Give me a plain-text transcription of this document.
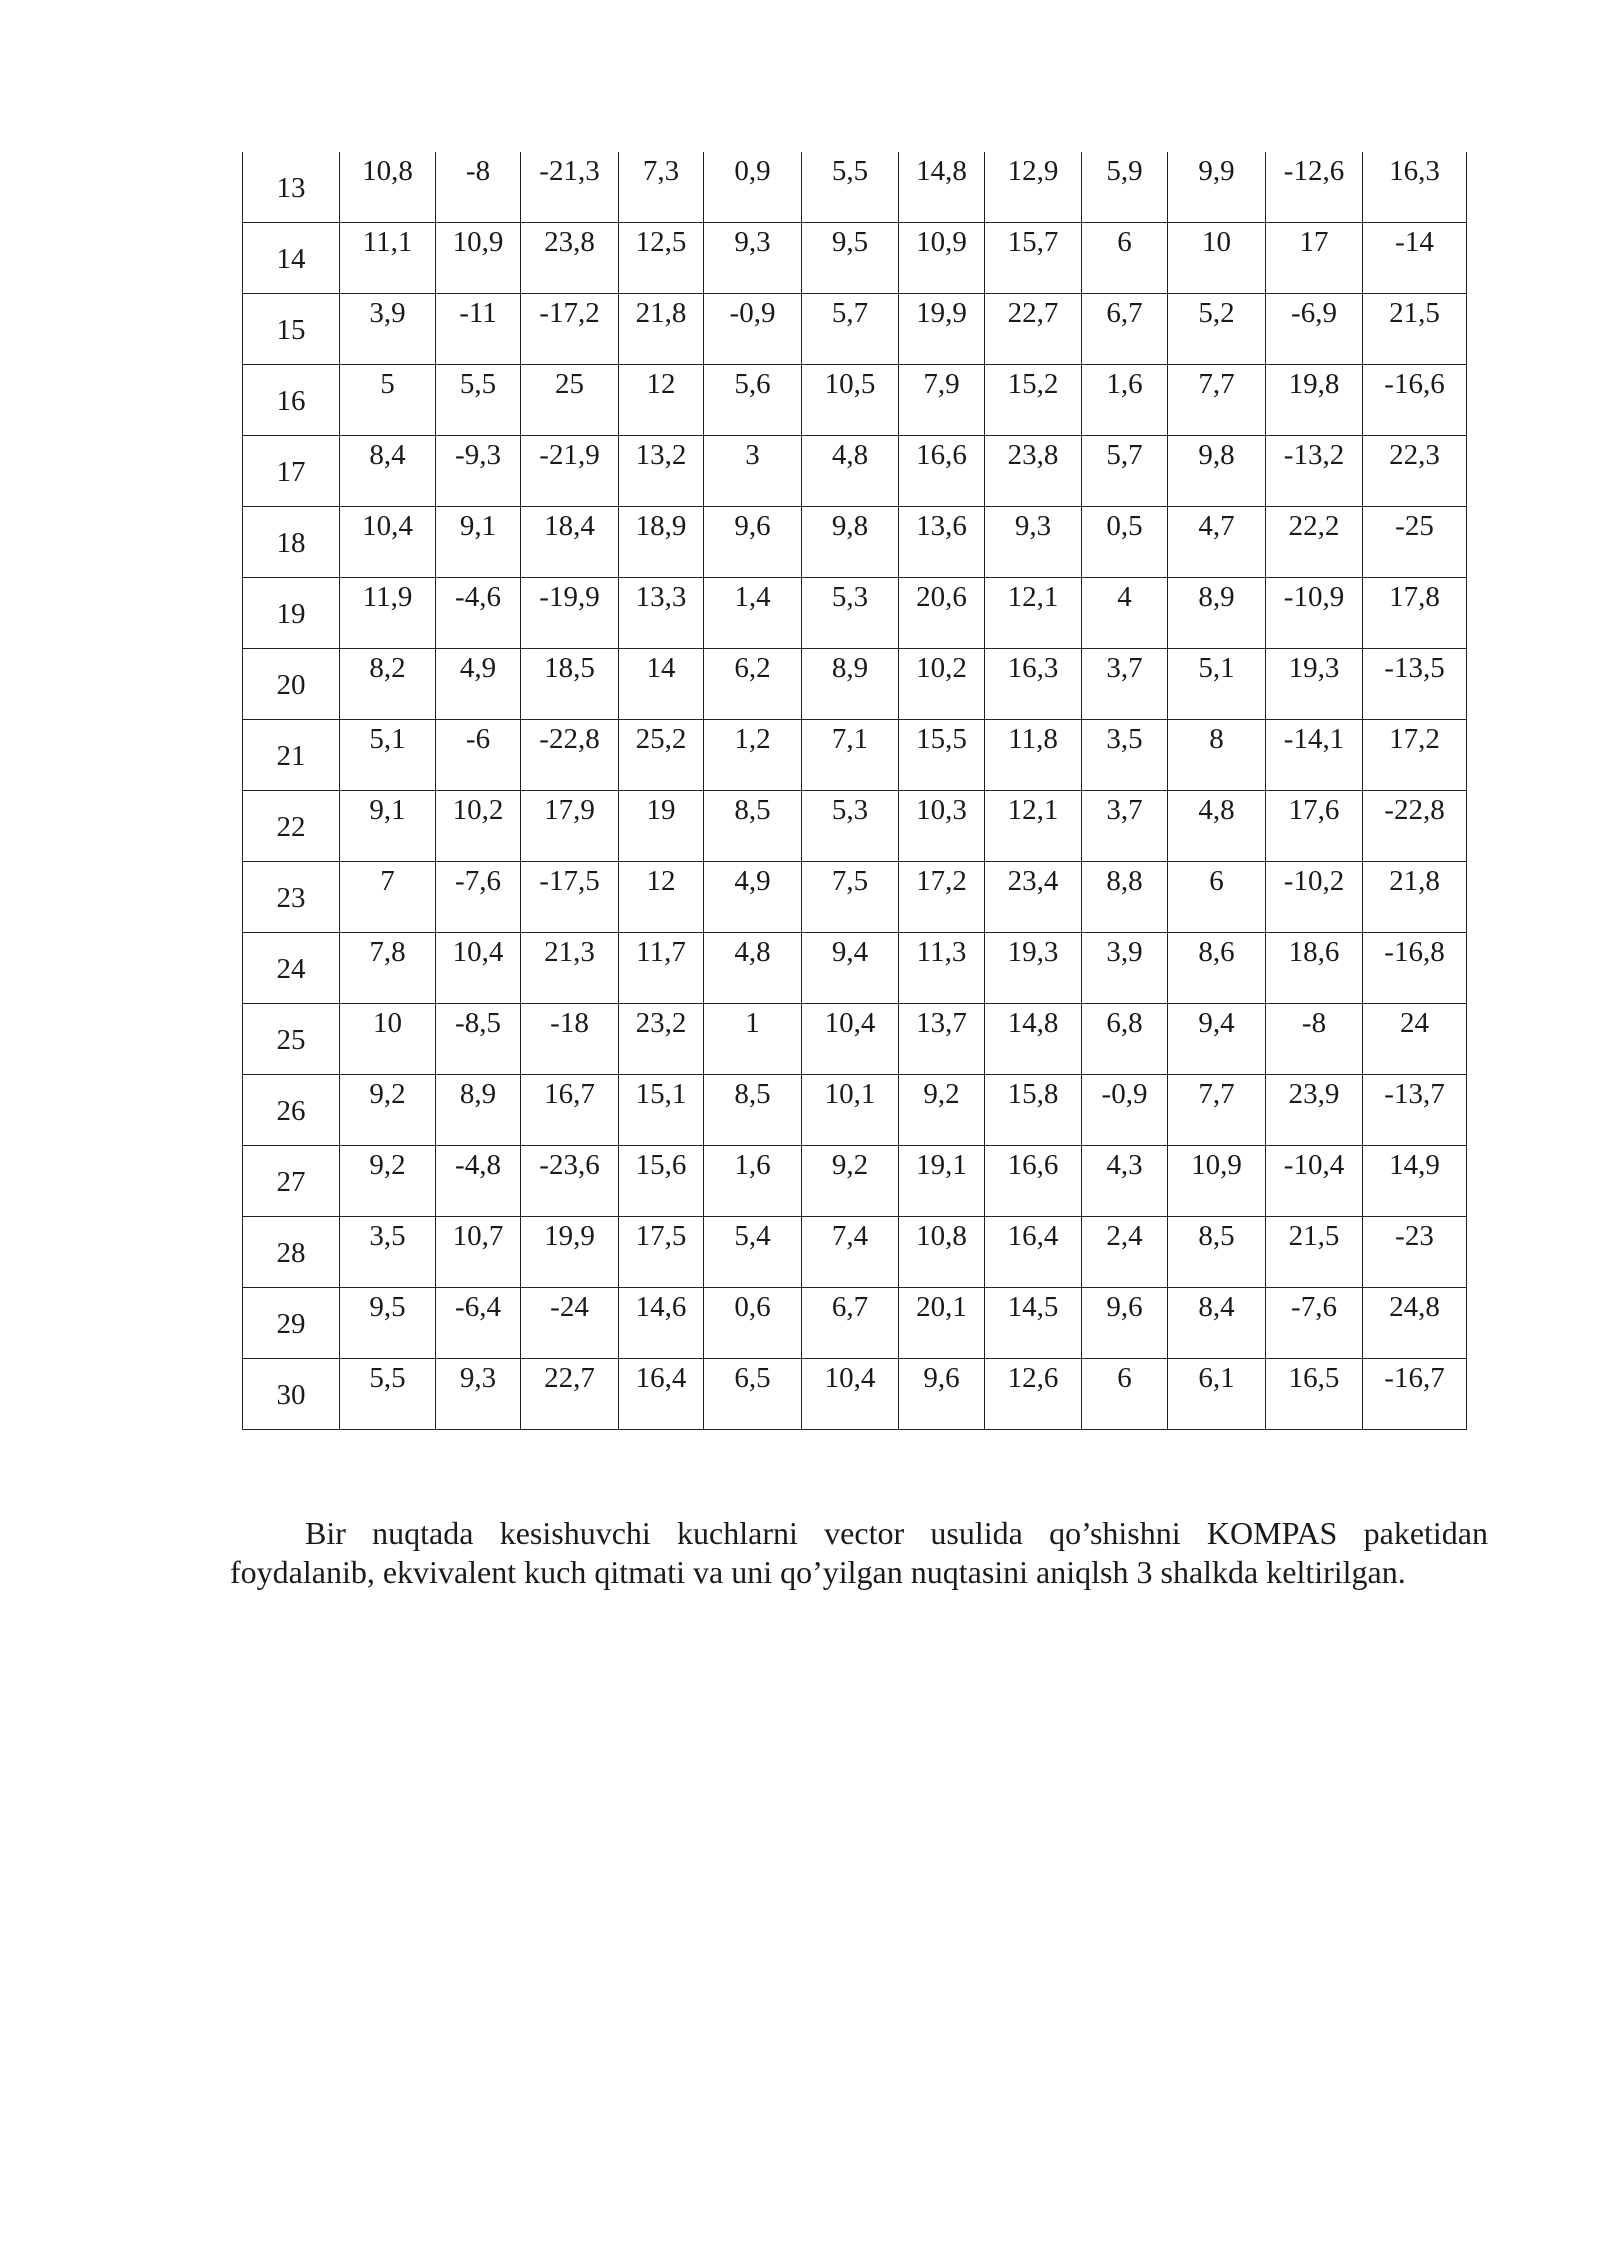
13	10,8	-8	-21,3	7,3	0,9	5,5	14,8	12,9	5,9	9,9	-12,6	16,3

14	11,1	10,9	23,8	12,5	9,3	9,5	10,9	15,7	6	10	17	-14

15	3,9	-11	-17,2	21,8	-0,9	5,7	19,9	22,7	6,7	5,2	-6,9	21,5

16	5	5,5	25	12	5,6	10,5	7,9	15,2	1,6	7,7	19,8	-16,6

17	8,4	-9,3	-21,9	13,2	3	4,8	16,6	23,8	5,7	9,8	-13,2	22,3

18	10,4	9,1	18,4	18,9	9,6	9,8	13,6	9,3	0,5	4,7	22,2	-25

19	11,9	-4,6	-19,9	13,3	1,4	5,3	20,6	12,1	4	8,9	-10,9	17,8

20	8,2	4,9	18,5	14	6,2	8,9	10,2	16,3	3,7	5,1	19,3	-13,5

21	5,1	-6	-22,8	25,2	1,2	7,1	15,5	11,8	3,5	8	-14,1	17,2

22	9,1	10,2	17,9	19	8,5	5,3	10,3	12,1	3,7	4,8	17,6	-22,8

23	7	-7,6	-17,5	12	4,9	7,5	17,2	23,4	8,8	6	-10,2	21,8

24	7,8	10,4	21,3	11,7	4,8	9,4	11,3	19,3	3,9	8,6	18,6	-16,8

25	10	-8,5	-18	23,2	1	10,4	13,7	14,8	6,8	9,4	-8	24

26	9,2	8,9	16,7	15,1	8,5	10,1	9,2	15,8	-0,9	7,7	23,9	-13,7

27	9,2	-4,8	-23,6	15,6	1,6	9,2	19,1	16,6	4,3	10,9	-10,4	14,9

28	3,5	10,7	19,9	17,5	5,4	7,4	10,8	16,4	2,4	8,5	21,5	-23

29	9,5	-6,4	-24	14,6	0,6	6,7	20,1	14,5	9,6	8,4	-7,6	24,8

30	5,5	9,3	22,7	16,4	6,5	10,4	9,6	12,6	6	6,1	16,5	-16,7

Bir nuqtada kesishuvchi kuchlarni vector usulida qo’shishni KOMPAS paketidan foydalanib, ekvivalent kuch qitmati va uni qo’yilgan nuqtasini aniqlsh 3 shalkda keltirilgan.
